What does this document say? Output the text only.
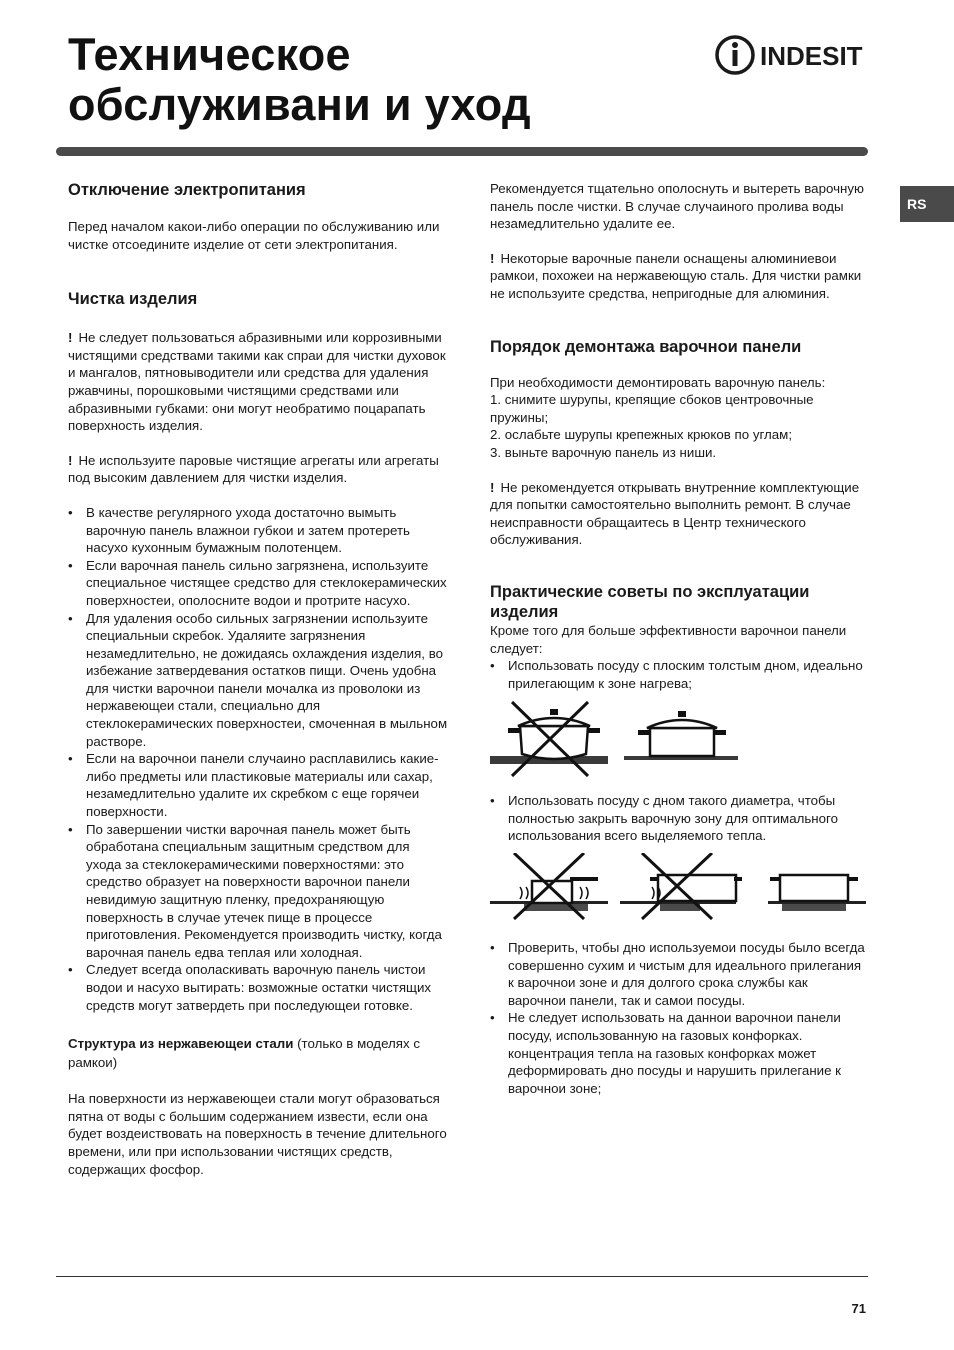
Техническое
обслуживани и уход
INDESIT
RS
Отключение электропитания

Перед началом какои-либо операции по обслуживанию или чистке отсоедините изделие от сети электропитания.

Чистка изделия

! Не следует пользоваться абразивными или коррозивными чистящими средствами такими как спраи для чистки духовок и мангалов, пятновыводители или средства для удаления ржавчины, порошковыми чистящими средствами или абразивными губками: они могут необратимо поцарапать поверхность изделия.

! Не используите паровые чистящие агрегаты или агрегаты под высоким давлением для чистки изделия.

• В качестве регулярного ухода достаточно вымыть варочную панель влажнои губкои и затем протереть насухо кухонным бумажным полотенцем.
• Если варочная панель сильно загрязнена, используите специальное чистящее средство для стеклокерамических поверхностеи, ополосните водои и протрите насухо.
• Для удаления особо сильных загрязнении используите специальныи скребок. Удаляите загрязнения незамедлительно, не дожидаясь охлаждения изделия, во избежание затвердевания остатков пищи. Очень удобна для чистки варочнои панели мочалка из проволоки из нержавеющеи стали, специально для стеклокерамических поверхностеи, смоченная в мыльном растворе.
• Если на варочнои панели случаино расплавились какие-либо предметы или пластиковые материалы или сахар, незамедлительно удалите их скребком с еще горячеи поверхности.
• По завершении чистки варочная панель может быть обработана специальным защитным средством для ухода за стеклокерамическими поверхностями: это средство образует на поверхности варочнои панели невидимую защитную пленку, предохраняющую поверхность в случае утечек пище в процессе приготовления. Рекомендуется производить чистку, когда варочная панель едва теплая или холодная.
• Следует всегда ополаскивать варочную панель чистои водои и насухо вытирать: возможные остатки чистящих средств могут затвердеть при последующеи готовке.

Структура из нержавеющеи стали (только в моделях с рамкои)

На поверхности из нержавеющеи стали могут образоваться пятна от воды с большим содержанием извести, если она будет воздеиствовать на поверхность в течение длительного времени, или при использовании чистящих средств, содержащих фосфор.

Рекомендуется тщательно ополоснуть и вытереть варочную панель после чистки. В случае случаиного пролива воды незамедлительно удалите ее.

! Некоторые варочные панели оснащены алюминиевои рамкои, похожеи на нержавеющую сталь. Для чистки рамки не используите средства, непригодные для алюминия.

Порядок демонтажа варочнои панели

При необходимости демонтировать варочную панель:

1. снимите шурупы, крепящие сбоков центровочные пружины;

2. ослабьте шурупы крепежных крюков по углам;

3. выньте варочную панель из ниши.

! Не рекомендуется открывать внутренние комплектующие для попытки самостоятельно выполнить ремонт. В случае неисправности обращаитесь в Центр технического обслуживания.

Практические советы по эксплуатации изделия

Кроме того для больше эффективности варочнои панели следует:

• Использовать посуду с плоским толстым дном, идеально прилегающим к зоне нагрева;
• Использовать посуду с дном такого диаметра, чтобы полностью закрыть варочную зону для оптимального использования всего выделяемого тепла.
• Проверить, чтобы дно используемои посуды было всегда совершенно сухим и чистым для идеального прилегания к варочнои зоне и для долгого срока службы как варочнои панели, так и самои посуды.
• Не следует использовать на даннои варочнои панели посуду, использованную на газовых конфорках. концентрация тепла на газовых конфорках может деформировать дно посуды и нарушить прилегание к варочнои зоне;
71
